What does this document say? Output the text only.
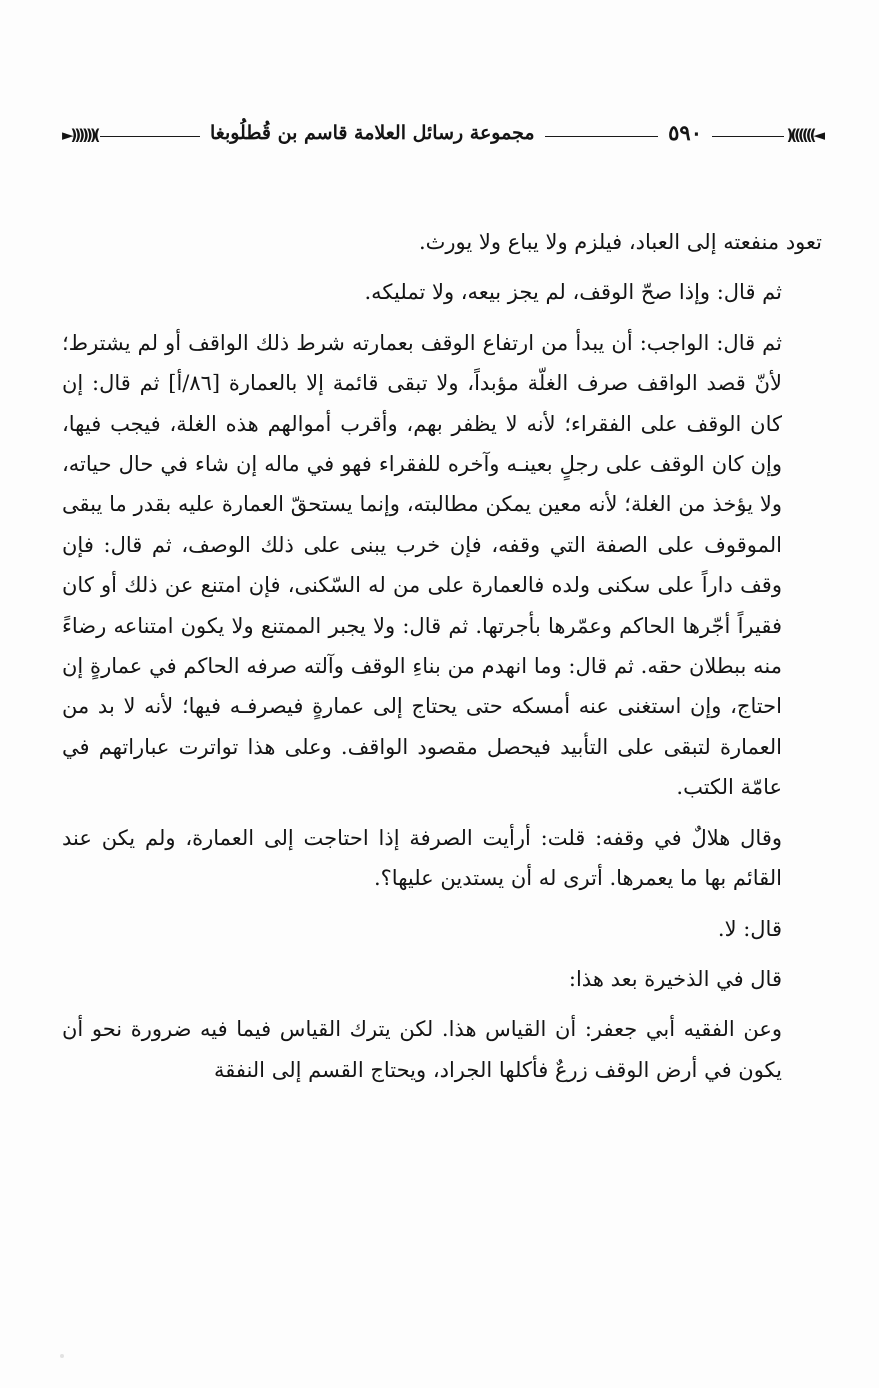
◄))))))(
٥٩٠
مجموعة رسائل العلامة قاسم بن قُطلُوبغا
)((((((►

تعود منفعته إلى العباد، فيلزم ولا يباع ولا يورث.

ثم قال: وإذا صحّ الوقف، لم يجز بيعه، ولا تمليكه.

ثم قال: الواجب: أن يبدأ من ارتفاع الوقف بعمارته شرط ذلك الواقف أو لم يشترط؛ لأنّ قصد الواقف صرف الغلّة مؤبداً، ولا تبقى قائمة إلا بالعمارة [٨٦/أ] ثم قال: إن كان الوقف على الفقراء؛ لأنه لا يظفر بهم، وأقرب أموالهم هذه الغلة، فيجب فيها، وإن كان الوقف على رجلٍ بعينـه وآخره للفقراء فهو في ماله إن شاء في حال حياته، ولا يؤخذ من الغلة؛ لأنه معين يمكن مطالبته، وإنما يستحقّ العمارة عليه بقدر ما يبقى الموقوف على الصفة التي وقفه، فإن خرب يبنى على ذلك الوصف، ثم قال: فإن وقف داراً على سكنى ولده فالعمارة على من له السّكنى، فإن امتنع عن ذلك أو كان فقيراً أجّرها الحاكم وعمّرها بأجرتها. ثم قال: ولا يجبر الممتنع ولا يكون امتناعه رضاءً منه ببطلان حقه. ثم قال: وما انهدم من بناءِ الوقف وآلته صرفه الحاكم في عمارةٍ إن احتاج، وإن استغنى عنه أمسكه حتى يحتاج إلى عمارةٍ فيصرفـه فيها؛ لأنه لا بد من العمارة لتبقى على التأبيد فيحصل مقصود الواقف. وعلى هذا تواترت عباراتهم في عامّة الكتب.

وقال هلالٌ في وقفه: قلت: أرأيت الصرفة إذا احتاجت إلى العمارة، ولم يكن عند القائم بها ما يعمرها. أترى له أن يستدين عليها؟.

قال: لا.

قال في الذخيرة بعد هذا:

وعن الفقيه أبي جعفر: أن القياس هذا. لكن يترك القياس فيما فيه ضرورة نحو أن يكون في أرض الوقف زرعٌ فأكلها الجراد، ويحتاج القسم إلى النفقة
